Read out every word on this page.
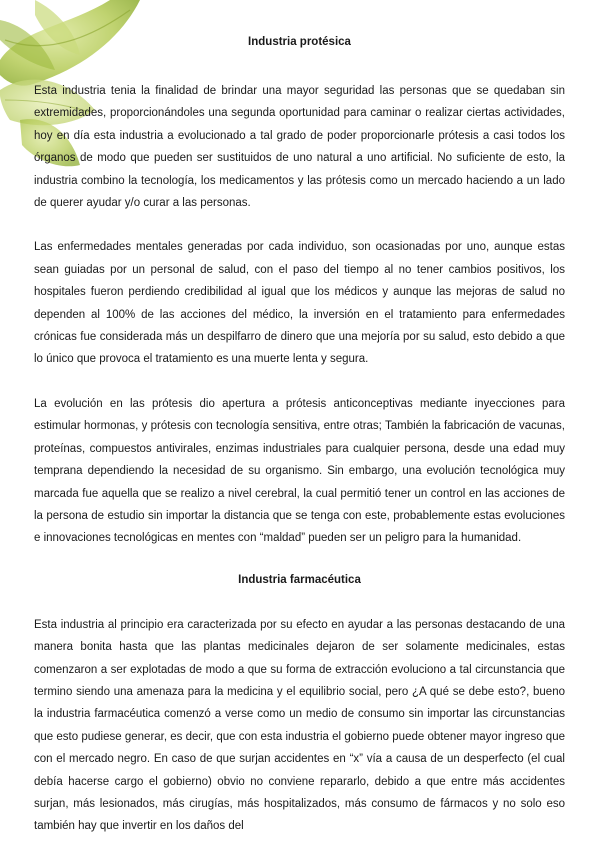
Industria protésica

Esta industria tenia la finalidad de brindar una mayor seguridad las personas que se quedaban sin extremidades, proporcionándoles una segunda oportunidad para caminar o realizar ciertas actividades, hoy en día esta industria a evolucionado a tal grado de poder proporcionarle prótesis a casi todos los órganos de modo que pueden ser sustituidos de uno natural a uno artificial. No suficiente de esto, la industria combino la tecnología, los medicamentos y las prótesis como un mercado haciendo a un lado de querer ayudar y/o curar a las personas.

Las enfermedades mentales generadas por cada individuo, son ocasionadas por uno, aunque estas sean guiadas por un personal de salud, con el paso del tiempo al no tener cambios positivos, los hospitales fueron perdiendo credibilidad al igual que los médicos y aunque las mejoras de salud no dependen al 100% de las acciones del médico, la inversión en el tratamiento para enfermedades crónicas fue considerada más un despilfarro de dinero que una mejoría por su salud, esto debido a que lo único que provoca el tratamiento es una muerte lenta y segura.

La evolución en las prótesis dio apertura a prótesis anticonceptivas mediante inyecciones para estimular hormonas, y prótesis con tecnología sensitiva, entre otras; También la fabricación de vacunas, proteínas, compuestos antivirales, enzimas industriales para cualquier persona, desde una edad muy temprana dependiendo la necesidad de su organismo. Sin embargo, una evolución tecnológica muy marcada fue aquella que se realizo a nivel cerebral, la cual permitió tener un control en las acciones de la persona de estudio sin importar la distancia que se tenga con este, probablemente estas evoluciones e innovaciones tecnológicas en mentes con “maldad” pueden ser un peligro para la humanidad.

Industria farmacéutica

Esta industria al principio era caracterizada por su efecto en ayudar a las personas destacando de una manera bonita hasta que las plantas medicinales dejaron de ser solamente medicinales, estas comenzaron a ser explotadas de modo a que su forma de extracción evoluciono a tal circunstancia que termino siendo una amenaza para la medicina y el equilibrio social, pero ¿A qué se debe esto?, bueno la industria farmacéutica comenzó a verse como un medio de consumo sin importar las circunstancias que esto pudiese generar, es decir, que con esta industria el gobierno puede obtener mayor ingreso que con el mercado negro. En caso de que surjan accidentes en “x” vía a causa de un desperfecto (el cual debía hacerse cargo el gobierno) obvio no conviene repararlo, debido a que entre más accidentes surjan, más lesionados, más cirugías, más hospitalizados, más consumo de fármacos y no solo eso también hay que invertir en los daños del
